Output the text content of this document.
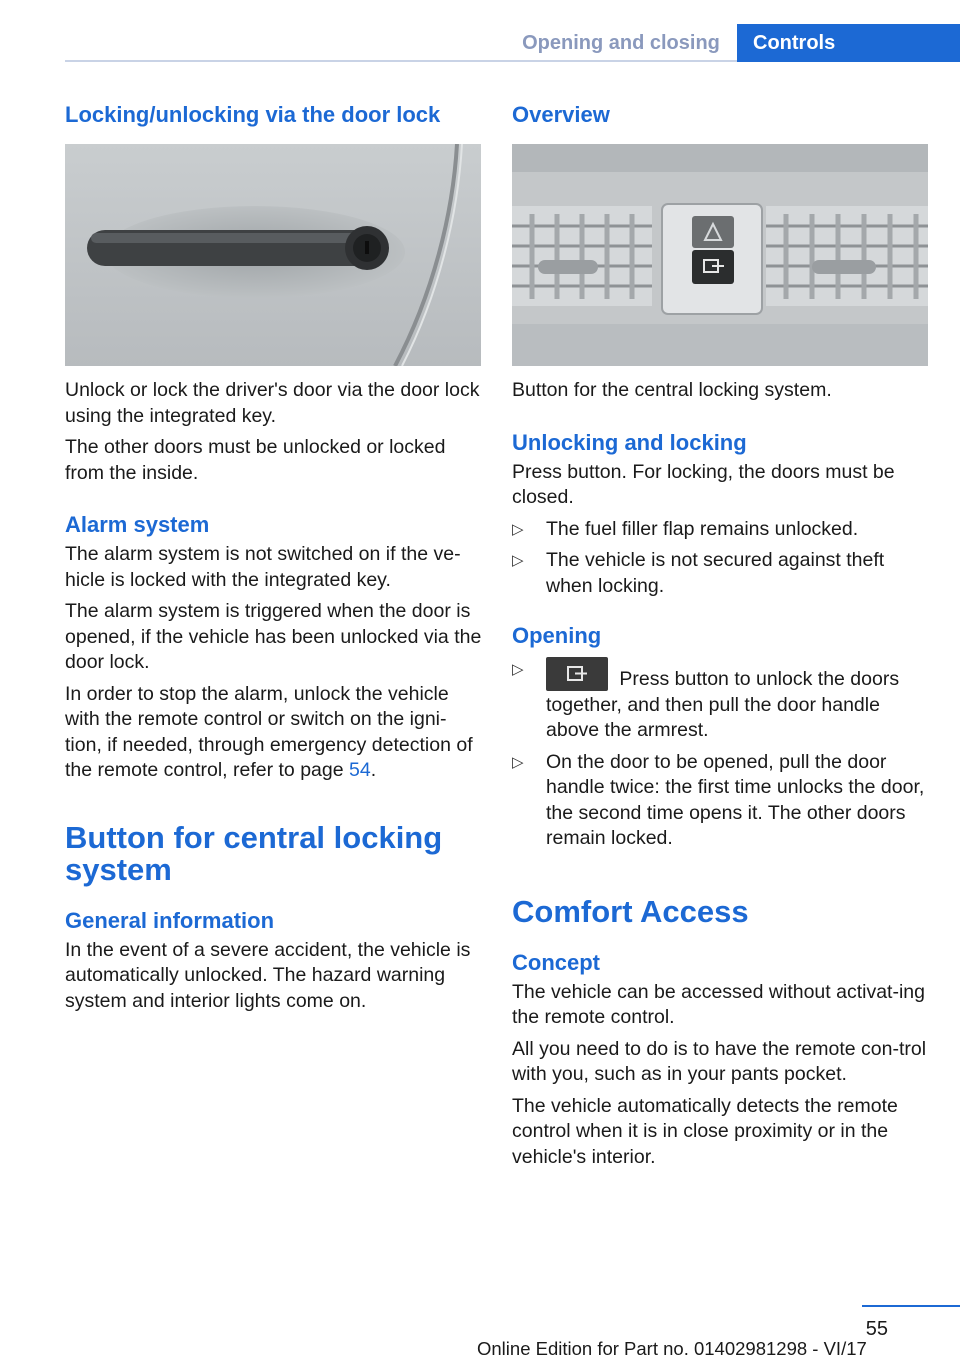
Opening and closing	Controls
Locking/unlocking via the door lock
Unlock or lock the driver's door via the door lock using the integrated key.
The other doors must be unlocked or locked from the inside.
Alarm system
The alarm system is not switched on if the ve‐hicle is locked with the integrated key.
The alarm system is triggered when the door is opened, if the vehicle has been unlocked via the door lock.
In order to stop the alarm, unlock the vehicle with the remote control or switch on the igni‐tion, if needed, through emergency detection of the remote control, refer to page 54.
Button for central locking system
General information
In the event of a severe accident, the vehicle is automatically unlocked. The hazard warning system and interior lights come on.
Overview
Button for the central locking system.
Unlocking and locking
Press button. For locking, the doors must be closed.
▷ The fuel filler flap remains unlocked.
▷ The vehicle is not secured against theft when locking.
Opening
▷	Press button to unlock the doors together, and then pull the door handle above the armrest.
▷ On the door to be opened, pull the door handle twice: the first time unlocks the door, the second time opens it. The other doors remain locked.
Comfort Access
Concept
The vehicle can be accessed without activat‐ing the remote control.
All you need to do is to have the remote con‐trol with you, such as in your pants pocket.
The vehicle automatically detects the remote control when it is in close proximity or in the vehicle's interior.
55
Online Edition for Part no. 01402981298 - VI/17
